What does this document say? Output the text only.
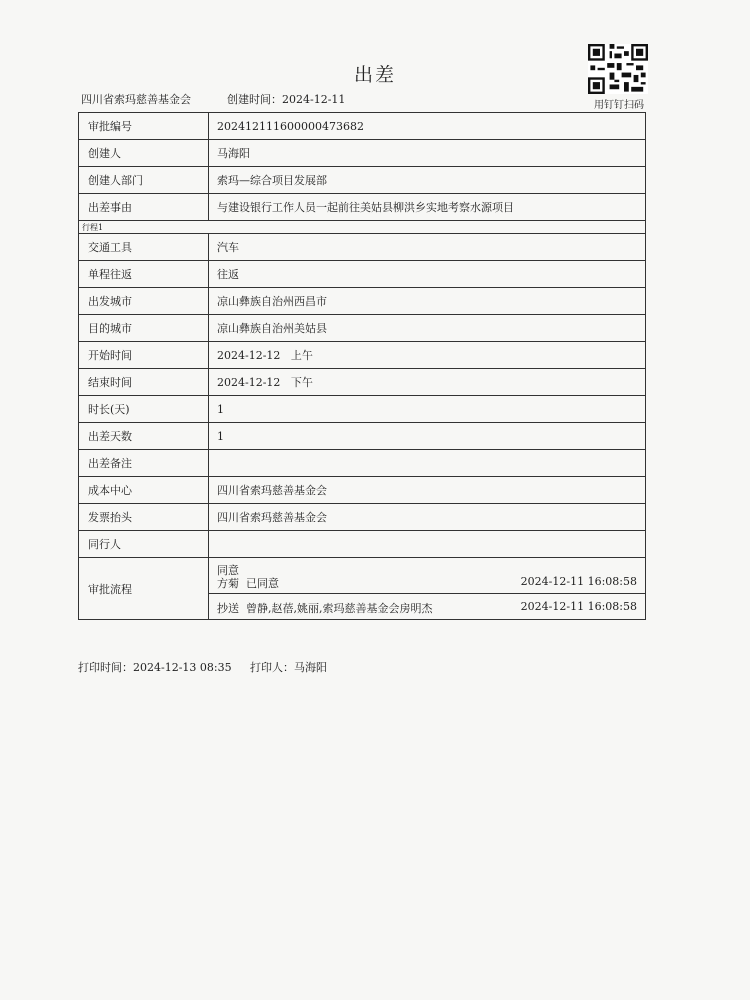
出差
四川省索玛慈善基金会	创建时间：2024-12-11	用钉钉扫码
审批编号	202412111600000473682
创建人	马海阳
创建人部门	索玛—综合项目发展部
出差事由	与建设银行工作人员一起前往美姑县柳洪乡实地考察水源项目
行程1
交通工具	汽车
单程往返	往返
出发城市	凉山彝族自治州西昌市
目的城市	凉山彝族自治州美姑县
开始时间	2024-12-12   上午
结束时间	2024-12-12   下午
时长(天)	1
出差天数	1
出差备注
成本中心	四川省索玛慈善基金会
发票抬头	四川省索玛慈善基金会
同行人
审批流程
同意
方菊  已同意	2024-12-11 16:08:58
抄送  曾静,赵蓓,姚丽,索玛慈善基金会房明杰	2024-12-11 16:08:58
打印时间：2024-12-13 08:35 打印人：马海阳
